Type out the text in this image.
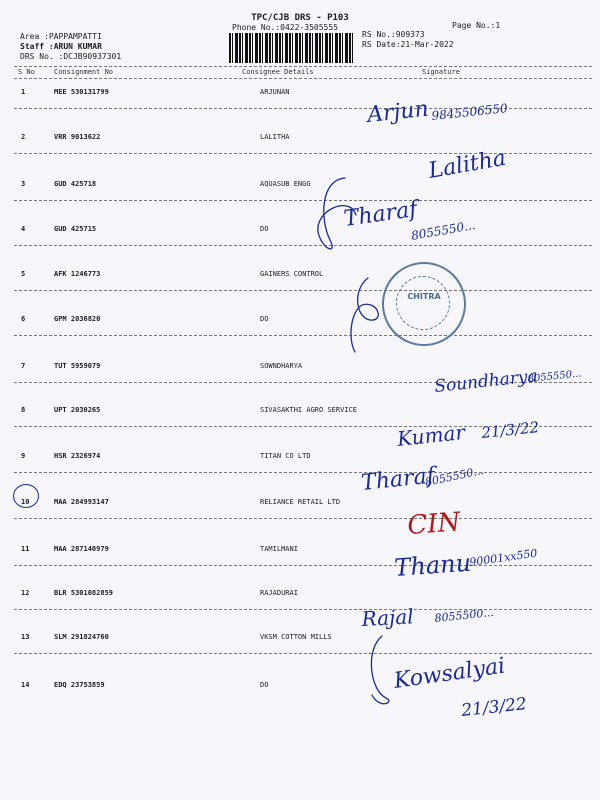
TPC/CJB DRS - P103
Phone No.:0422-3505555	Page No.:1
Area :PAPPAMPATTI
Staff :ARUN KUMAR
DRS No. :DCJB90937301
RS No.:909373
RS Date:21-Mar-2022
S No	Consignment No	Consignee Details	Signature
1	MEE 530131799	ARJUNAN
2	VRR 9013622	LALITHA
3	GUD 425718	AQUASUB ENGG
4	GUD 425715	DO
5	AFK 1246773	GAINERS CONTROL
6	GPM 2036820	DO
7	TUT 5959079	SOWNDHARYA
8	UPT 2030265	SIVASAKTHI AGRO SERVICE
9	HSR 2326974	TITAN CO LTD
10	MAA 284993147	RELIANCE RETAIL LTD
11	MAA 287140979	TAMILMANI
12	BLR 5301082859	RAJADURAI
13	SLM 291824760	VKSM COTTON MILLS
14	EDQ 23753859	DO
CHITRA
Arjun 9845506550
Lalitha
Tharaf
8055550...
Soundharya
8055550...
Kumar 21/3/22
Tharaf
8055550...
Thanu
90001xx550
Rajal 8055500...
Kowsalyai
21/3/22
CIN
